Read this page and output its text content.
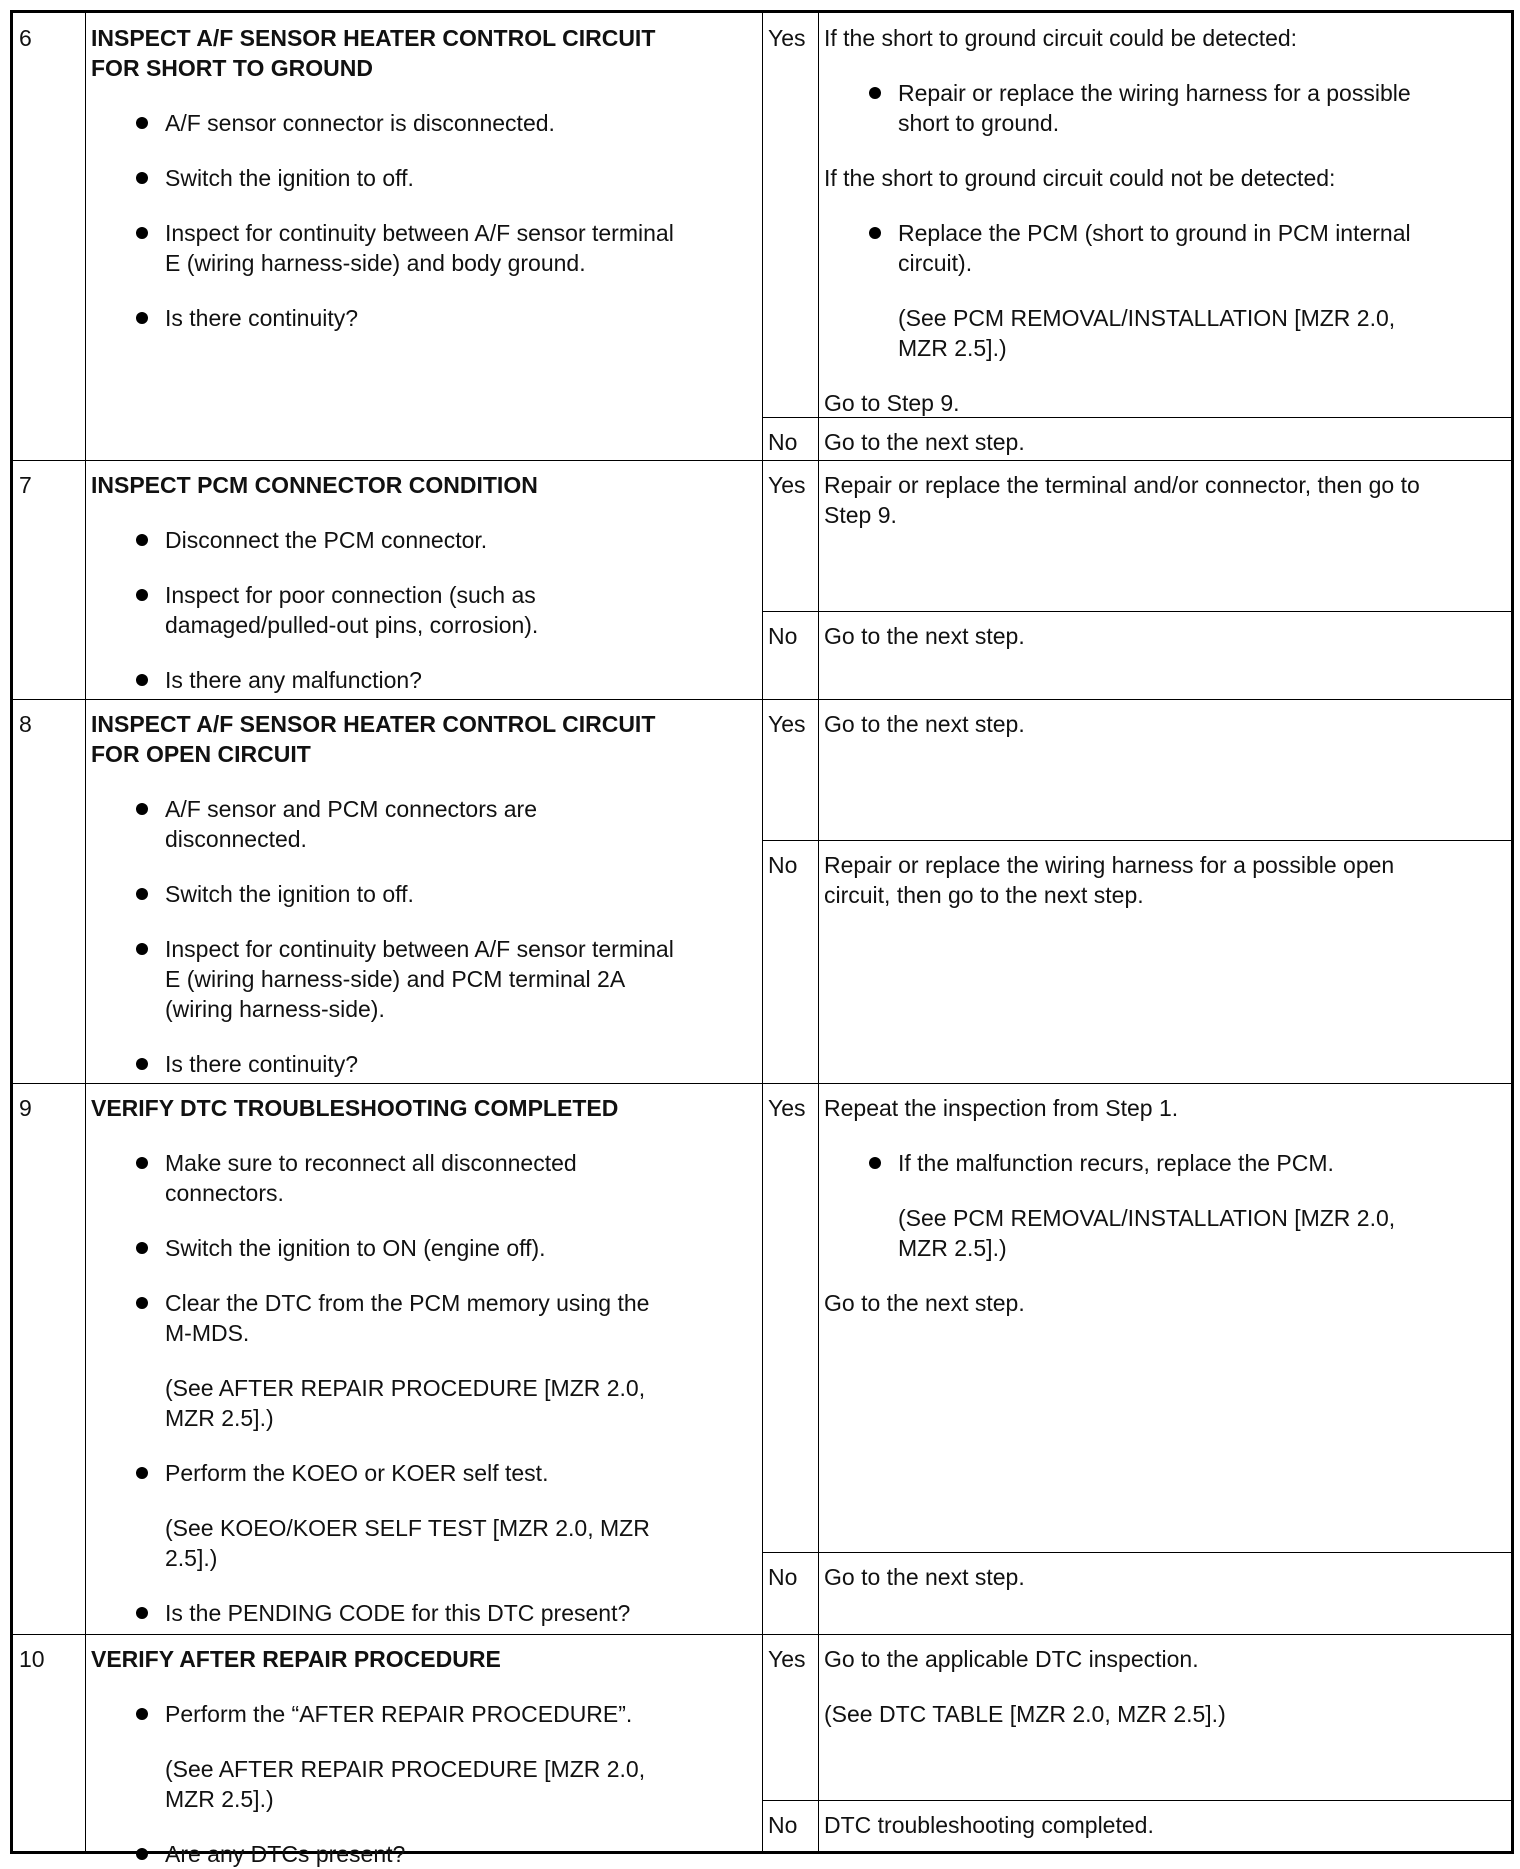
6	INSPECT A/F SENSOR HEATER CONTROL CIRCUIT
FOR SHORT TO GROUND
A/F sensor connector is disconnected.
Switch the ignition to off.
Inspect for continuity between A/F sensor terminal
E (wiring harness-side) and body ground.
Is there continuity?
Yes If the short to ground circuit could be detected:
Repair or replace the wiring harness for a possible
short to ground.
If the short to ground circuit could not be detected:
Replace the PCM (short to ground in PCM internal
circuit).
(See PCM REMOVAL/INSTALLATION [MZR 2.0,
MZR 2.5].)
Go to Step 9.
No	Go to the next step.
7	INSPECT PCM CONNECTOR CONDITION
Disconnect the PCM connector.
Inspect for poor connection (such as
damaged/pulled-out pins, corrosion).
Is there any malfunction?
Yes Repair or replace the terminal and/or connector, then go to
Step 9.
No	Go to the next step.
8	INSPECT A/F SENSOR HEATER CONTROL CIRCUIT
FOR OPEN CIRCUIT
A/F sensor and PCM connectors are
disconnected.
Switch the ignition to off.
Inspect for continuity between A/F sensor terminal
E (wiring harness-side) and PCM terminal 2A
(wiring harness-side).
Is there continuity?
Yes Go to the next step.
No	Repair or replace the wiring harness for a possible open
circuit, then go to the next step.
9	VERIFY DTC TROUBLESHOOTING COMPLETED
Make sure to reconnect all disconnected
connectors.
Switch the ignition to ON (engine off).
Clear the DTC from the PCM memory using the
M-MDS.
(See AFTER REPAIR PROCEDURE [MZR 2.0,
MZR 2.5].)
Perform the KOEO or KOER self test.
(See KOEO/KOER SELF TEST [MZR 2.0, MZR
2.5].)
Is the PENDING CODE for this DTC present?
Yes Repeat the inspection from Step 1.
If the malfunction recurs, replace the PCM.
(See PCM REMOVAL/INSTALLATION [MZR 2.0,
MZR 2.5].)
Go to the next step.
No	Go to the next step.
10	VERIFY AFTER REPAIR PROCEDURE
Perform the “AFTER REPAIR PROCEDURE”.
(See AFTER REPAIR PROCEDURE [MZR 2.0,
MZR 2.5].)
Are any DTCs present?
Yes Go to the applicable DTC inspection.
(See DTC TABLE [MZR 2.0, MZR 2.5].)
No	DTC troubleshooting completed.
